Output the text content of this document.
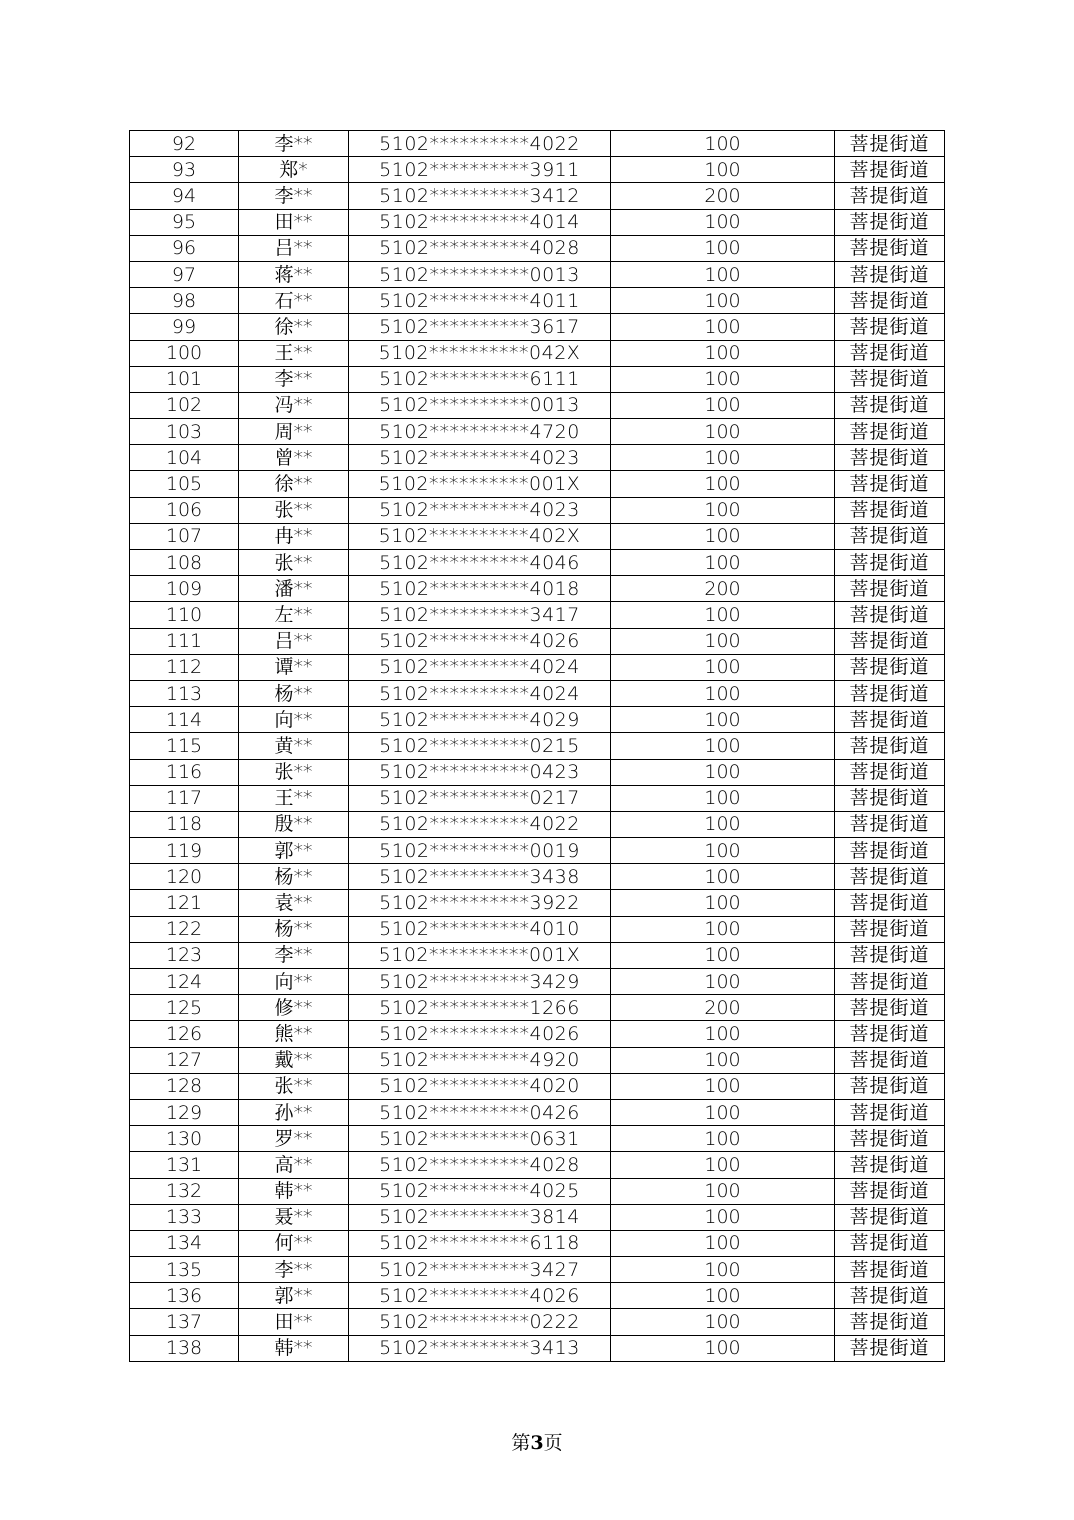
92	李**	5102**********4022	100	菩提街道
93	郑*	5102**********3911	100	菩提街道
94	李**	5102**********3412	200	菩提街道
95	田**	5102**********4014	100	菩提街道
96	吕**	5102**********4028	100	菩提街道
97	蒋**	5102**********0013	100	菩提街道
98	石**	5102**********4011	100	菩提街道
99	徐**	5102**********3617	100	菩提街道
100	王**	5102**********042X	100	菩提街道
101	李**	5102**********6111	100	菩提街道
102	冯**	5102**********0013	100	菩提街道
103	周**	5102**********4720	100	菩提街道
104	曾**	5102**********4023	100	菩提街道
105	徐**	5102**********001X	100	菩提街道
106	张**	5102**********4023	100	菩提街道
107	冉**	5102**********402X	100	菩提街道
108	张**	5102**********4046	100	菩提街道
109	潘**	5102**********4018	200	菩提街道
110	左**	5102**********3417	100	菩提街道
111	吕**	5102**********4026	100	菩提街道
112	谭**	5102**********4024	100	菩提街道
113	杨**	5102**********4024	100	菩提街道
114	向**	5102**********4029	100	菩提街道
115	黄**	5102**********0215	100	菩提街道
116	张**	5102**********0423	100	菩提街道
117	王**	5102**********0217	100	菩提街道
118	殷**	5102**********4022	100	菩提街道
119	郭**	5102**********0019	100	菩提街道
120	杨**	5102**********3438	100	菩提街道
121	袁**	5102**********3922	100	菩提街道
122	杨**	5102**********4010	100	菩提街道
123	李**	5102**********001X	100	菩提街道
124	向**	5102**********3429	100	菩提街道
125	修**	5102**********1266	200	菩提街道
126	熊**	5102**********4026	100	菩提街道
127	戴**	5102**********4920	100	菩提街道
128	张**	5102**********4020	100	菩提街道
129	孙**	5102**********0426	100	菩提街道
130	罗**	5102**********0631	100	菩提街道
131	高**	5102**********4028	100	菩提街道
132	韩**	5102**********4025	100	菩提街道
133	聂**	5102**********3814	100	菩提街道
134	何**	5102**********6118	100	菩提街道
135	李**	5102**********3427	100	菩提街道
136	郭**	5102**********4026	100	菩提街道
137	田**	5102**********0222	100	菩提街道
138	韩**	5102**********3413	100	菩提街道
第3页
